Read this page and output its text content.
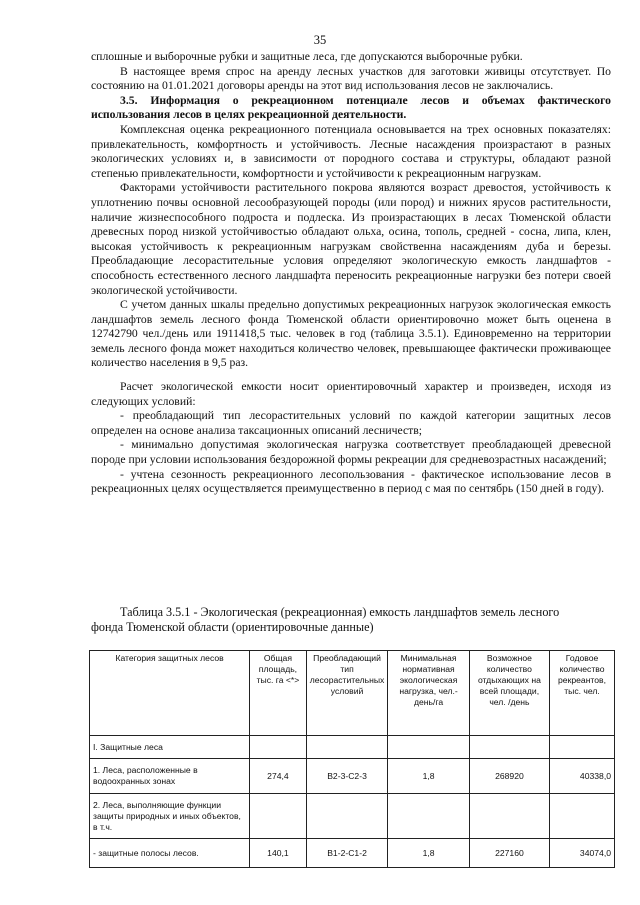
35

сплошные и выборочные рубки и защитные леса, где допускаются выборочные рубки.

В настоящее время спрос на аренду лесных участков для заготовки живицы отсутствует. По состоянию на 01.01.2021 договоры аренды на этот вид использования лесов не заключались.

3.5. Информация о рекреационном потенциале лесов и объемах фактического использования лесов в целях рекреационной деятельности.

Комплексная оценка рекреационного потенциала основывается на трех основных показателях: привлекательность, комфортность и устойчивость. Лесные насаждения произрастают в разных экологических условиях и, в зависимости от породного состава и структуры, обладают разной степенью привлекательности, комфортности и устойчивости к рекреационным нагрузкам.

Факторами устойчивости растительного покрова являются возраст древостоя, устойчивость к уплотнению почвы основной лесообразующей породы (или пород) и нижних ярусов растительности, наличие жизнеспособного подроста и подлеска. Из произрастающих в лесах Тюменской области древесных пород низкой устойчивостью обладают ольха, осина, тополь, средней - сосна, липа, клен, высокая устойчивость к рекреационным нагрузкам свойственна насаждениям дуба и березы. Преобладающие лесорастительные условия определяют экологическую емкость ландшафтов - способность естественного лесного ландшафта переносить рекреационные нагрузки без потери своей экологической устойчивости.

С учетом данных шкалы предельно допустимых рекреационных нагрузок экологическая емкость ландшафтов земель лесного фонда Тюменской области ориентировочно может быть оценена в 12742790 чел./день или 1911418,5 тыс. человек в год (таблица 3.5.1). Единовременно на территории земель лесного фонда может находиться количество человек, превышающее фактически проживающее количество населения в 9,5 раз.

Расчет экологической емкости носит ориентировочный характер и произведен, исходя из следующих условий:

- преобладающий тип лесорастительных условий по каждой категории защитных лесов определен на основе анализа таксационных описаний лесничеств;

- минимально допустимая экологическая нагрузка соответствует преобладающей древесной породе при условии использования бездорожной формы рекреации для средневозрастных насаждений;

- учтена сезонность рекреационного лесопользования - фактическое использование лесов в рекреационных целях осуществляется преимущественно в период с мая по сентябрь (150 дней в году).

Таблица 3.5.1 - Экологическая (рекреационная) емкость ландшафтов земель лесного
фонда Тюменской области (ориентировочные данные)
Категория защитных лесов	Общая площадь, тыс. га <*>	Преобладающий тип лесорастительных условий	Минимальная нормативная экологическая нагрузка, чел.-день/га	Возможное количество отдыхающих на всей площади, чел. /день	Годовое количество рекреантов, тыс. чел.
I. Защитные леса					
1. Леса, расположенные в водоохранных зонах	274,4	В2-3-С2-3	1,8	268920	40338,0
2. Леса, выполняющие функции защиты природных и иных объектов, в т.ч.					
- защитные полосы лесов.	140,1	В1-2-С1-2	1,8	227160	34074,0
